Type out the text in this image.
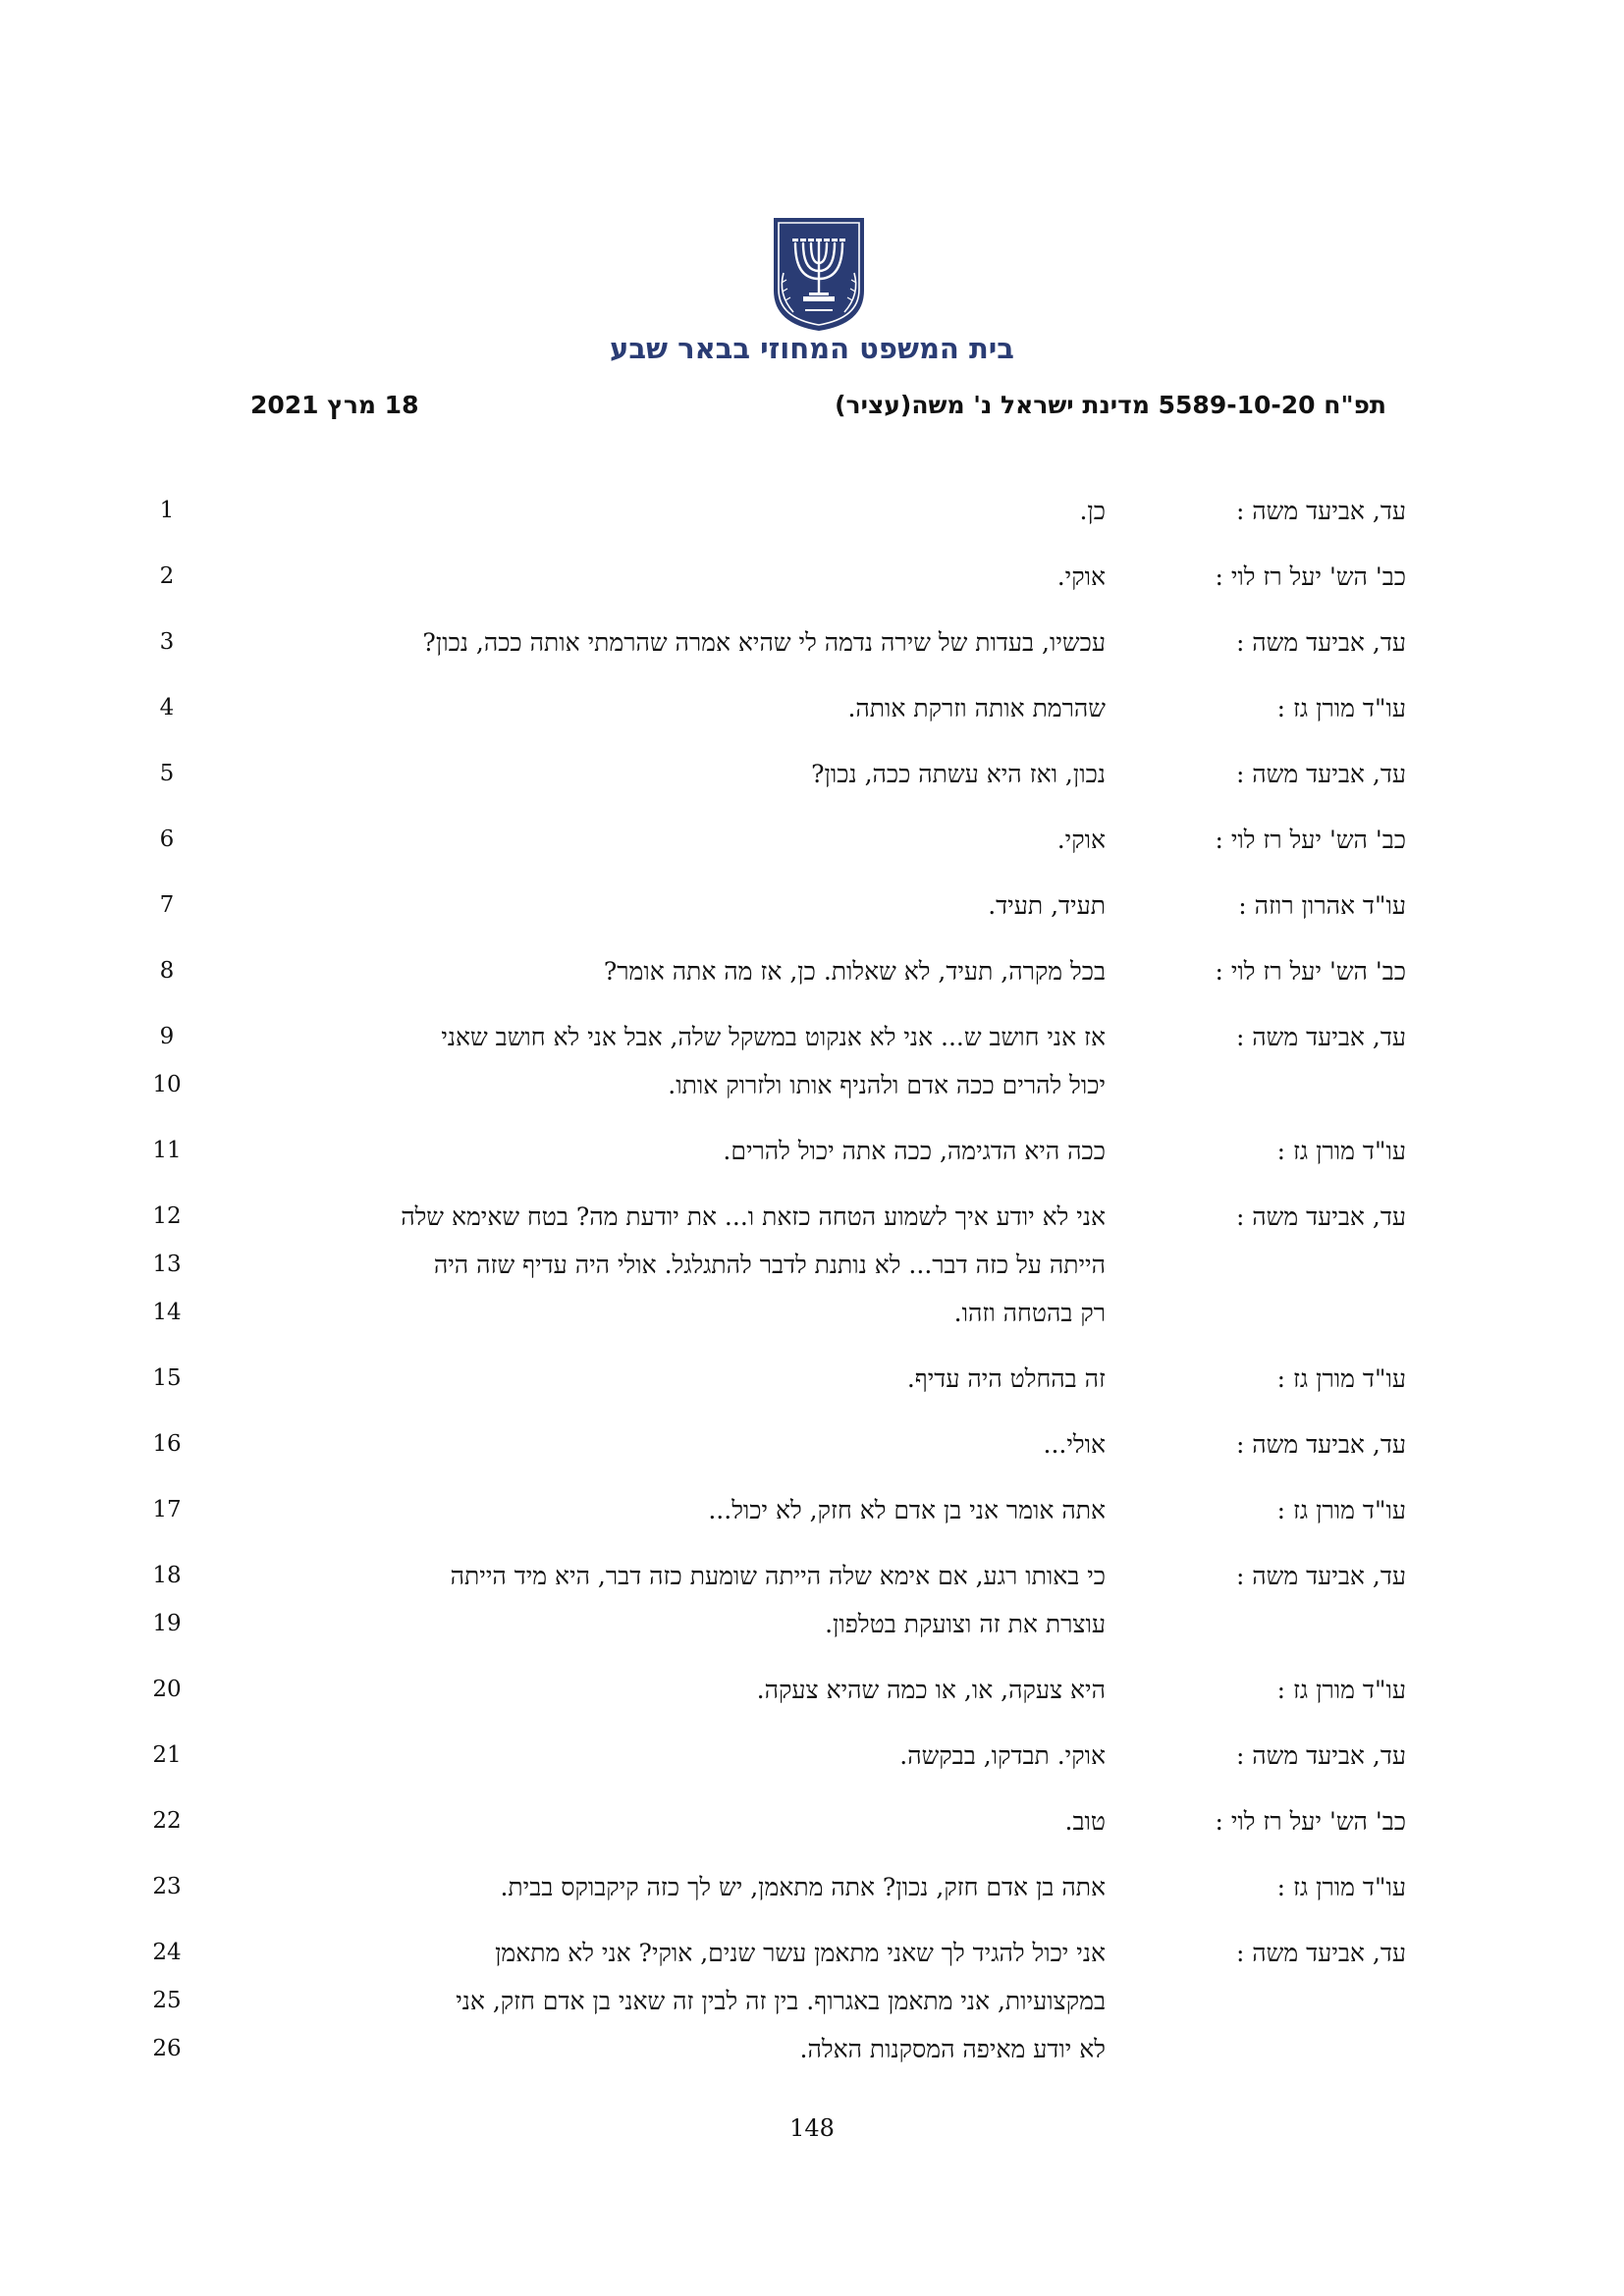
בית המשפט המחוזי בבאר שבע
תפ"ח 5589-10-20 מדינת ישראל נ' משה(עציר)
18 מרץ 2021
עד, אביעד משה :
כן.
1
כב' הש' יעל רז לוי :
אוקי.
2
עד, אביעד משה :
עכשיו, בעדות של שירה נדמה לי שהיא אמרה שהרמתי אותה ככה, נכון?
3
עו"ד מורן גז :
שהרמת אותה וזרקת אותה.
4
עד, אביעד משה :
נכון, ואז היא עשתה ככה, נכון?
5
כב' הש' יעל רז לוי :
אוקי.
6
עו"ד אהרון רוזה :
תעיד, תעיד.
7
כב' הש' יעל רז לוי :
בכל מקרה, תעיד, לא שאלות. כן, אז מה אתה אומר?
8
עד, אביעד משה :
אז אני חושב ש... אני לא אנקוט במשקל שלה, אבל אני לא חושב שאני
9
יכול להרים ככה אדם ולהניף אותו ולזרוק אותו.
10
עו"ד מורן גז :
ככה היא הדגימה, ככה אתה יכול להרים.
11
עד, אביעד משה :
אני לא יודע איך לשמוע הטחה כזאת ו... את יודעת מה? בטח שאימא שלה
12
הייתה על כזה דבר... לא נותנת לדבר להתגלגל. אולי היה עדיף שזה היה
13
רק בהטחה וזהו.
14
עו"ד מורן גז :
זה בהחלט היה עדיף.
15
עד, אביעד משה :
אולי...
16
עו"ד מורן גז :
אתה אומר אני בן אדם לא חזק, לא יכול...
17
עד, אביעד משה :
כי באותו רגע, אם אימא שלה הייתה שומעת כזה דבר, היא מיד הייתה
18
עוצרת את זה וצועקת בטלפון.
19
עו"ד מורן גז :
היא צעקה, או, או כמה שהיא צעקה.
20
עד, אביעד משה :
אוקי. תבדקו, בבקשה.
21
כב' הש' יעל רז לוי :
טוב.
22
עו"ד מורן גז :
אתה בן אדם חזק, נכון? אתה מתאמן, יש לך כזה קיקבוקס בבית.
23
עד, אביעד משה :
אני יכול להגיד לך שאני מתאמן עשר שנים, אוקי? אני לא מתאמן
24
במקצועיות, אני מתאמן באגרוף. בין זה לבין זה שאני בן אדם חזק, אני
25
לא יודע מאיפה המסקנות האלה.
26
148
